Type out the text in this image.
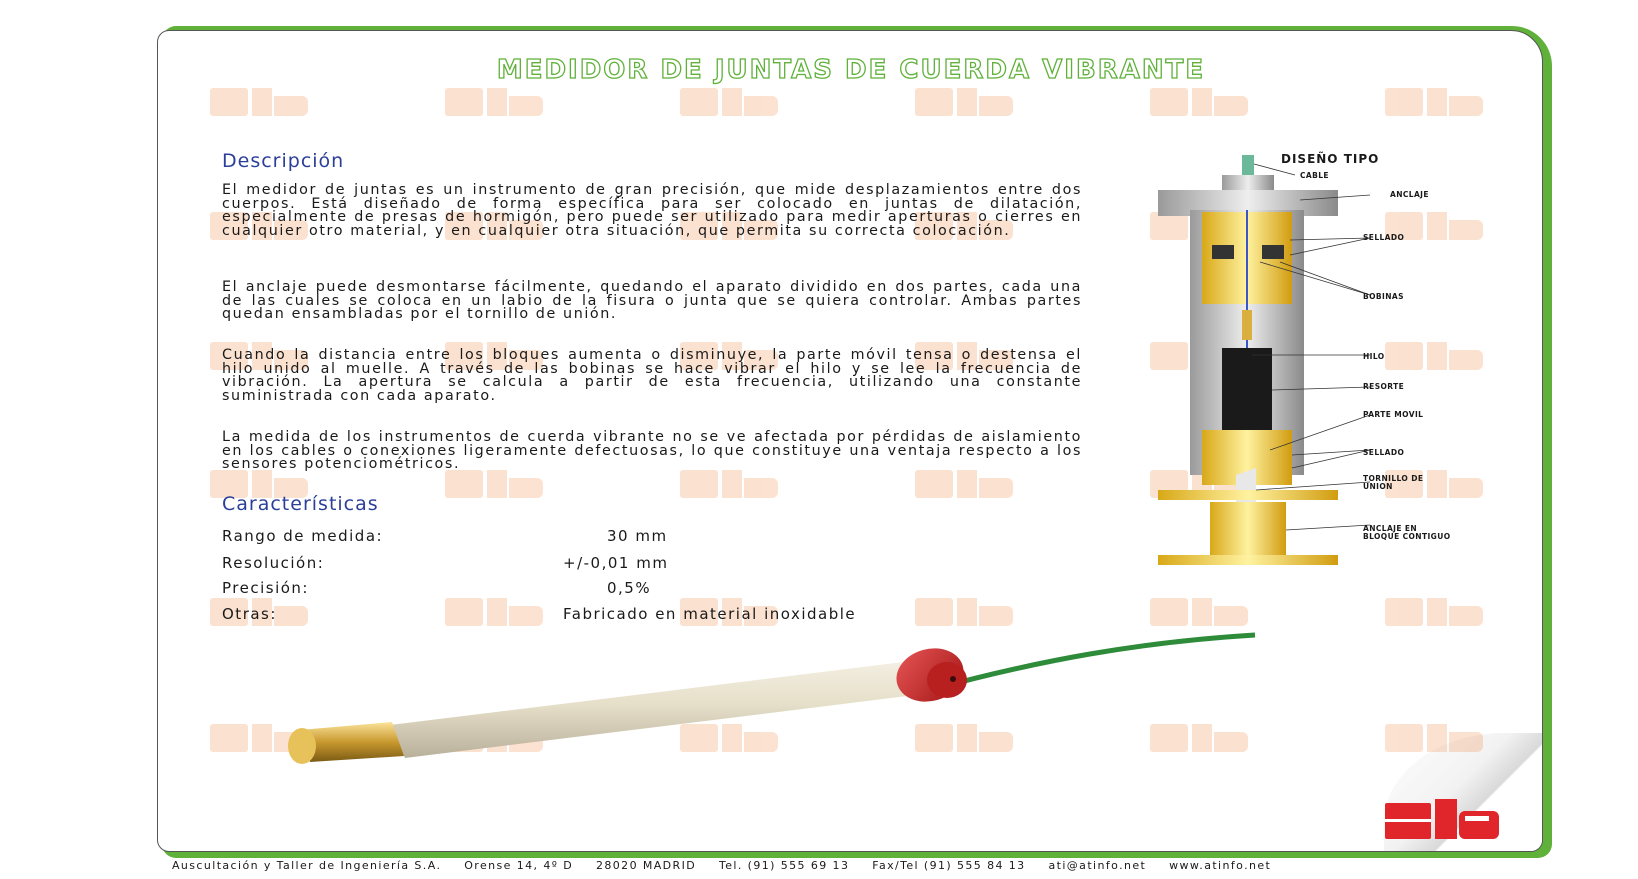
MEDIDOR DE JUNTAS DE CUERDA VIBRANTE
Descripción

El medidor de juntas es un instrumento de gran precisión, que mide desplazamientos entre dos cuerpos. Está diseñado de forma específica para ser colocado en juntas de dilatación, especialmente de presas de hormigón, pero puede ser utilizado para medir aperturas o cierres en cualquier otro material, y en cualquier otra situación, que permita su correcta colocación.

El anclaje puede desmontarse fácilmente, quedando el aparato dividido en dos partes, cada una de las cuales se coloca en un labio de la fisura o junta que se quiera controlar. Ambas partes quedan ensambladas por el tornillo de unión.

Cuando la distancia entre los bloques aumenta o disminuye, la parte móvil tensa o destensa el hilo unido al muelle. A través de las bobinas se hace vibrar el hilo y se lee la frecuencia de vibración. La apertura se calcula a partir de esta frecuencia, utilizando una constante suministrada con cada aparato.

La medida de los instrumentos de cuerda vibrante no se ve afectada por pérdidas de aislamiento en los cables o conexiones ligeramente defectuosas, lo que constituye una ventaja respecto a los sensores potenciométricos.

Características
Rango de medida:	30 mm
Resolución:	+/-0,01 mm
Precisión:	0,5%
Otras:	Fabricado en material inoxidable
DISEÑO TIPO
CABLE
ANCLAJE
SELLADO
BOBINAS
HILO
RESORTE
PARTE MOVIL
SELLADO
TORNILLO DE
UNION
ANCLAJE EN
BLOQUE CONTIGUO
Auscultación y Taller de Ingeniería S.A. Orense 14, 4º D 28020 MADRID Tel. (91) 555 69 13 Fax/Tel (91) 555 84 13 ati@atinfo.net www.atinfo.net
